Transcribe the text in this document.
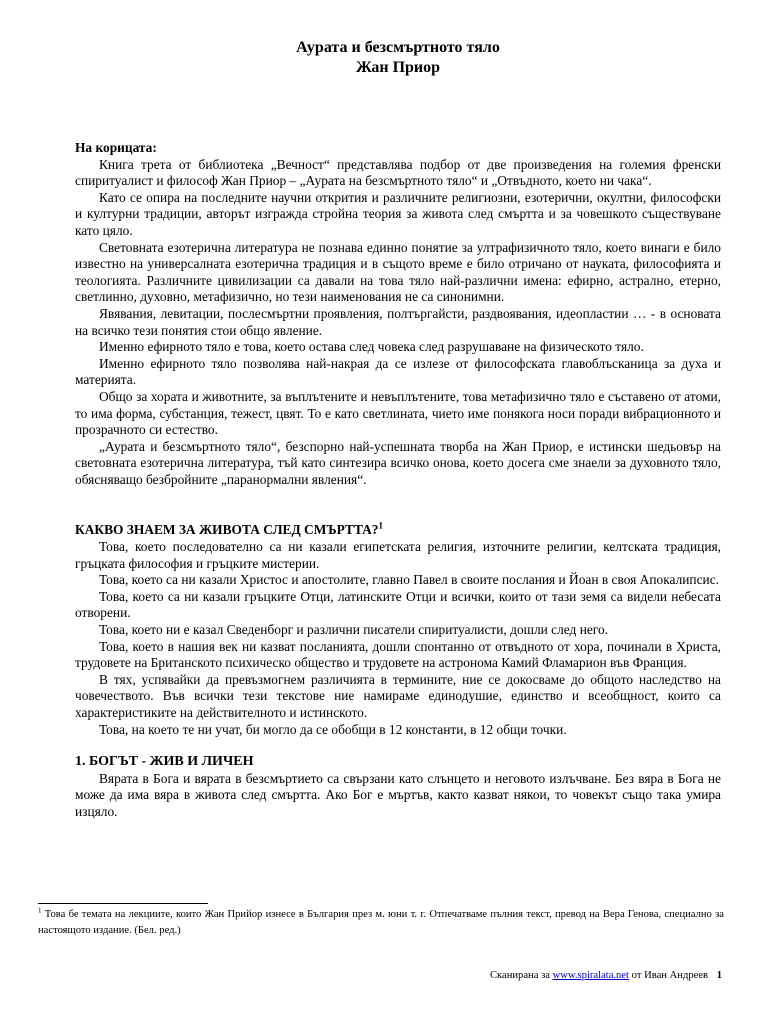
Аурата и безсмъртното тяло
Жан Приор
На корицата:

Книга трета от библиотека „Вечност“ представлява подбор от две произведения на големия френски спиритуалист и философ Жан Приор – „Аурата на безсмъртното тяло“ и „Отвъдното, което ни чака“.

Като се опира на последните научни открития и различните религиозни, езотерични, окултни, философски и културни традиции, авторът изгражда стройна теория за живота след смъртта и за човешкото съществуване като цяло.

Световната езотерична литература не познава единно понятие за ултрафизичното тяло, което винаги е било известно на универсалната езотерична традиция и в същото време е било отричано от науката, философията и теологията. Различните цивилизации са давали на това тяло най-различни имена: ефирно, астрално, етерно, светлинно, духовно, метафизично, но тези наименования не са синонимни.

Явявания, левитации, послесмъртни проявления, полтъргайсти, раздвоявания, идеопластии … - в основата на всичко тези понятия стои общо явление.

Именно ефирното тяло е това, което остава след човека след разрушаване на физическото тяло.

Именно ефирното тяло позволява най-накрая да се излезе от философската главоблъсканица за духа и материята.

Общо за хората и животните, за въплътените и невъплътените, това метафизично тяло е съставено от атоми, то има форма, субстанция, тежест, цвят. То е като светлината, чието име понякога носи поради вибрационното и прозрачното си естество.

„Аурата и безсмъртното тяло“, безспорно най-успешната творба на Жан Приор, е истински шедьовър на световната езотерична литература, тъй като синтезира всичко онова, което досега сме знаели за духовното тяло, обясняващо безбройните „паранормални явления“.

КАКВО ЗНАЕМ ЗА ЖИВОТА СЛЕД СМЪРТТА?$^1$

Това, което последователно са ни казали египетската религия, източните религии, келтската традиция, гръцката философия и гръцките мистерии.

Това, което са ни казали Христос и апостолите, главно Павел в своите послания и Йоан в своя Апокалипсис.

Това, което са ни казали гръцките Отци, латинските Отци и всички, които от тази земя са видели небесата отворени.

Това, което ни е казал Сведенборг и различни писатели спиритуалисти, дошли след него.

Това, което в нашия век ни казват посланията, дошли спонтанно от отвъдното от хора, починали в Христа, трудовете на Британското психическо общество и трудовете на астронома Камий Фламарион във Франция.

В тях, успявайки да превъзмогнем различията в термините, ние се докосваме до общото наследство на човечеството. Във всички тези текстове ние намираме единодушие, единство и всеобщност, които са характеристиките на действителното и истинското.

Това, на което те ни учат, би могло да се обобщи в 12 константи, в 12 общи точки.

1. БОГЪТ - ЖИВ И ЛИЧЕН

Вярата в Бога и вярата в безсмъртието са свързани като слънцето и неговото излъчване. Без вяра в Бога не може да има вяра в живота след смъртта. Ако Бог е мъртъв, както казват някои, то човекът също така умира изцяло.

$^1$ Това бе темата на лекциите, които Жан Прийор изнесе в България през м. юни т. г. Отпечатваме пълния текст, превод на Вера Генова, специално за настоящото издание. (Бел. ред.)
Сканирана за www.spiralata.net от Иван Андреев 1
